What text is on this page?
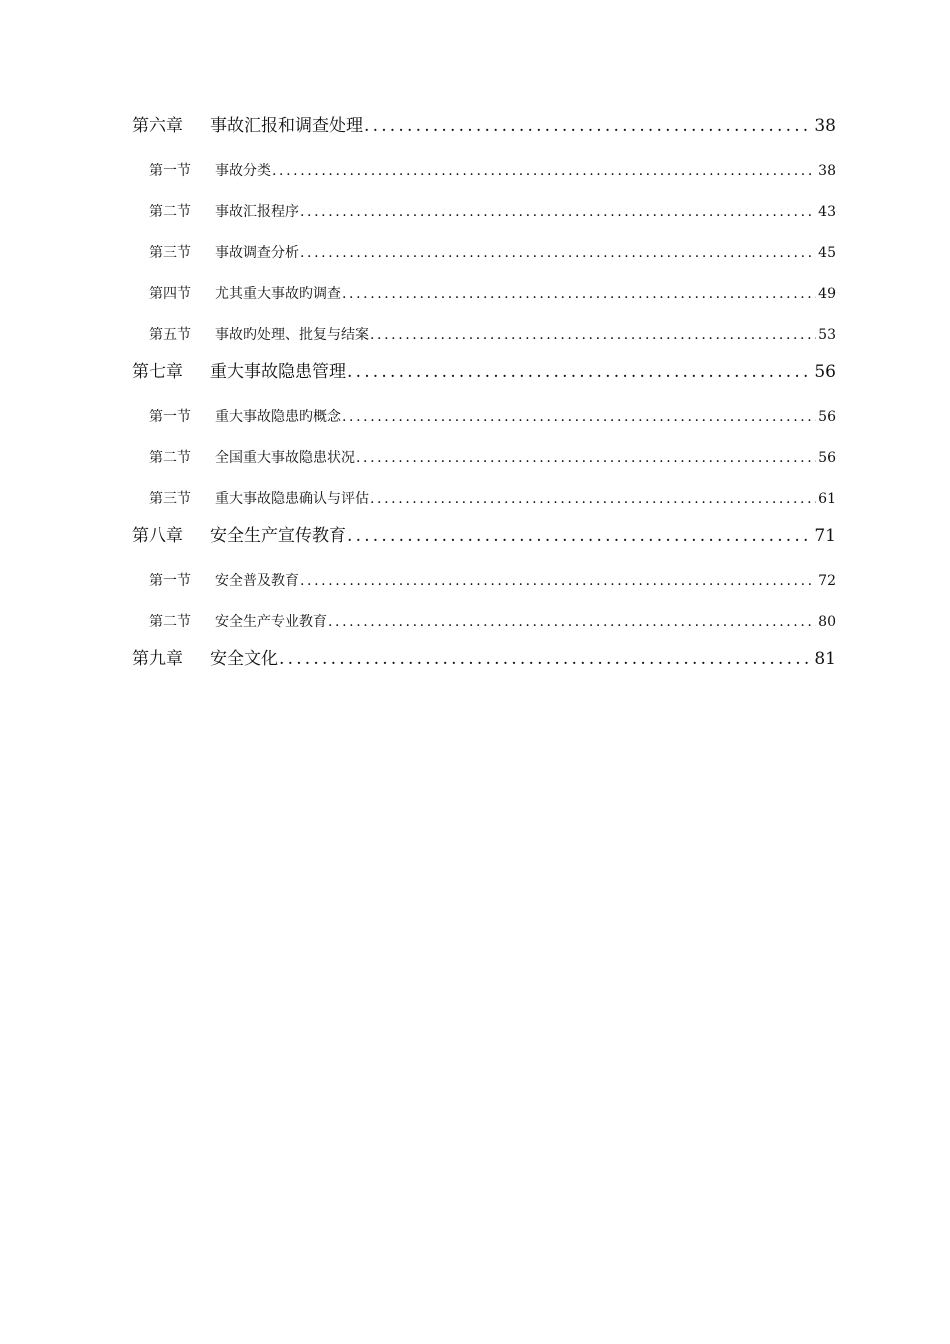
第六章	事故汇报和调查处理 .....	38
第一节	事故分类 .....	38
第二节	事故汇报程序 .....	43
第三节	事故调查分析 .....	45
第四节	尤其重大事故旳调查 .....	49
第五节	事故旳处理、批复与结案 .....	53
第七章	重大事故隐患管理 .....	56
第一节	重大事故隐患旳概念 .....	56
第二节	全国重大事故隐患状况 .....	56
第三节	重大事故隐患确认与评估 .....	61
第八章	安全生产宣传教育 .....	71
第一节	安全普及教育 .....	72
第二节	安全生产专业教育 .....	80
第九章	安全文化 .....	81
